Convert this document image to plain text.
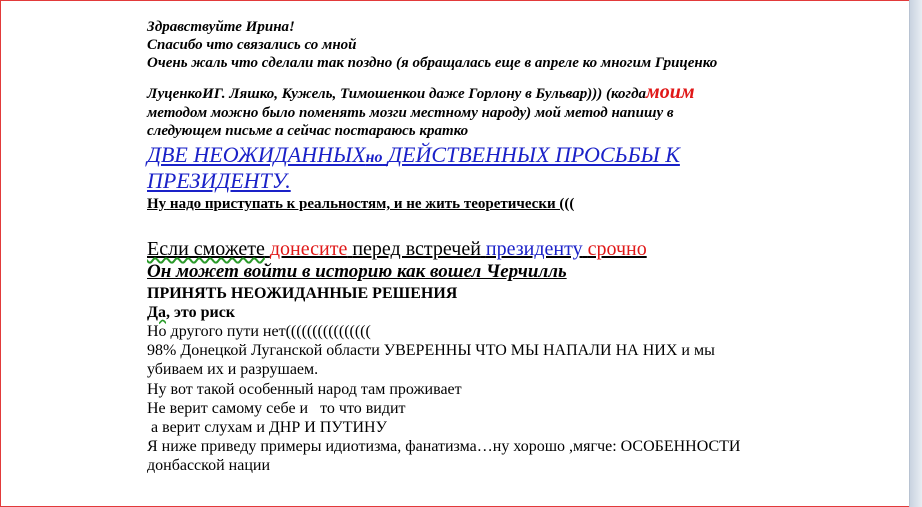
Здравствуйте Ирина!
Спасибо что связались со мной
Очень жаль что сделали так поздно (я обращалась еще в апреле ко многим Гриценко
ЛуценкоИГ. Ляшко, Кужель, Тимошенкои даже Горлону в Бульвар))) (когдамоим
методом можно было поменять мозги местному народу) мой метод напишу в
следующем письме а сейчас постараюсь кратко
ДВЕ НЕОЖИДАННЫХно ДЕЙСТВЕННЫХ ПРОСЬБЫ К
ПРЕЗИДЕНТУ.
Ну надо приступать к реальностям, и не жить теоретически (((
Если сможете донесите перед встречей президенту срочно
Он может войти в историю как вошел Черчилль
ПРИНЯТЬ НЕОЖИДАННЫЕ РЕШЕНИЯ
Да, это риск
Но другого пути нет((((((((((((((((
98% Донецкой Луганской области УВЕРЕННЫ ЧТО МЫ НАПАЛИ НА НИХ и мы
убиваем их и разрушаем.
Ну вот такой особенный народ там проживает
Не верит самому себе и   то что видит
а верит слухам и ДНР И ПУТИНУ
Я ниже приведу примеры идиотизма, фанатизма…ну хорошо ,мягче: ОСОБЕННОСТИ
донбасской нации
